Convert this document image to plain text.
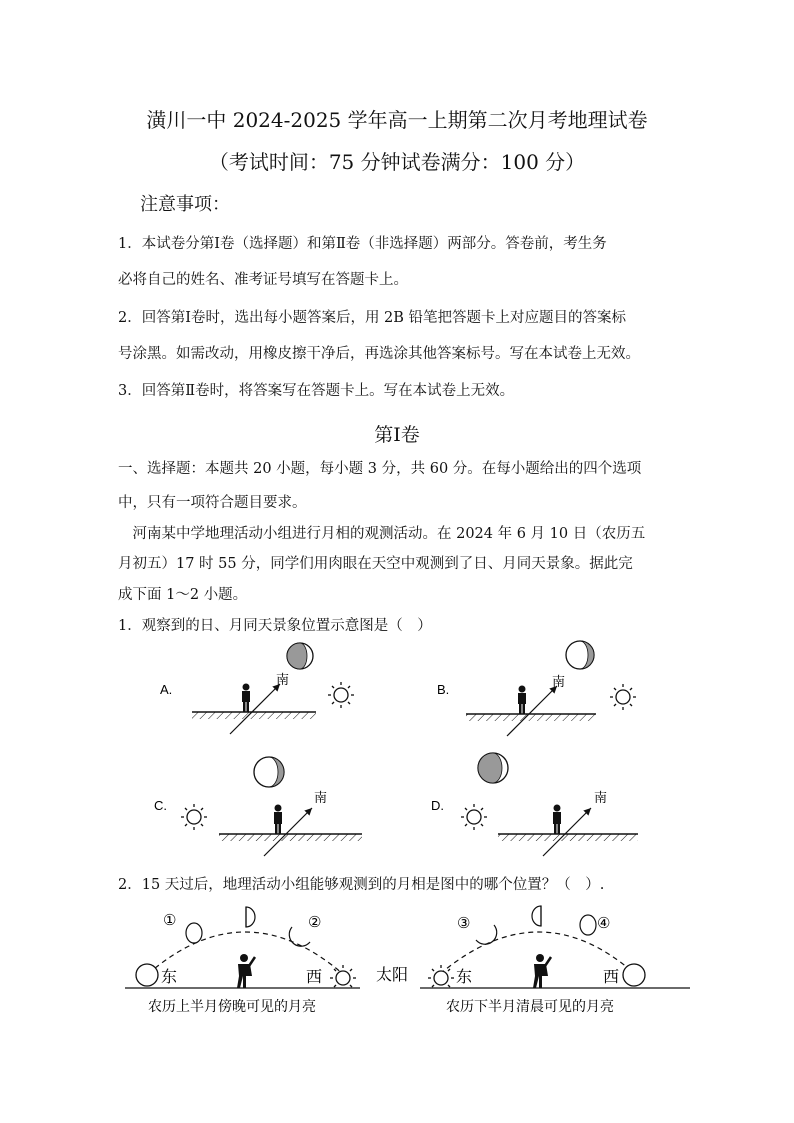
潢川一中 2024-2025 学年高一上期第二次月考地理试卷
（考试时间：75 分钟试卷满分：100 分）
注意事项：
1．本试卷分第Ⅰ卷（选择题）和第Ⅱ卷（非选择题）两部分。答卷前，考生务
必将自己的姓名、准考证号填写在答题卡上。
2．回答第Ⅰ卷时，选出每小题答案后，用 2B 铅笔把答题卡上对应题目的答案标
号涂黑。如需改动，用橡皮擦干净后，再选涂其他答案标号。写在本试卷上无效。
3．回答第Ⅱ卷时，将答案写在答题卡上。写在本试卷上无效。
第Ⅰ卷
一、选择题：本题共 20 小题，每小题 3 分，共 60 分。在每小题给出的四个选项
中，只有一项符合题目要求。
　河南某中学地理活动小组进行月相的观测活动。在 2024 年 6 月 10 日（农历五
月初五）17 时 55 分，同学们用肉眼在天空中观测到了日、月同天景象。据此完
成下面 1～2 小题。
1．观察到的日、月同天景象位置示意图是（　）
A.
南
B.	南
C.	南	D.	南
2．15 天过后，地理活动小组能够观测到的月相是图中的哪个位置？（　）.
东
①	②
西
农历上半月傍晚可见的月亮
太阳	东
③	④
西
农历下半月清晨可见的月亮
